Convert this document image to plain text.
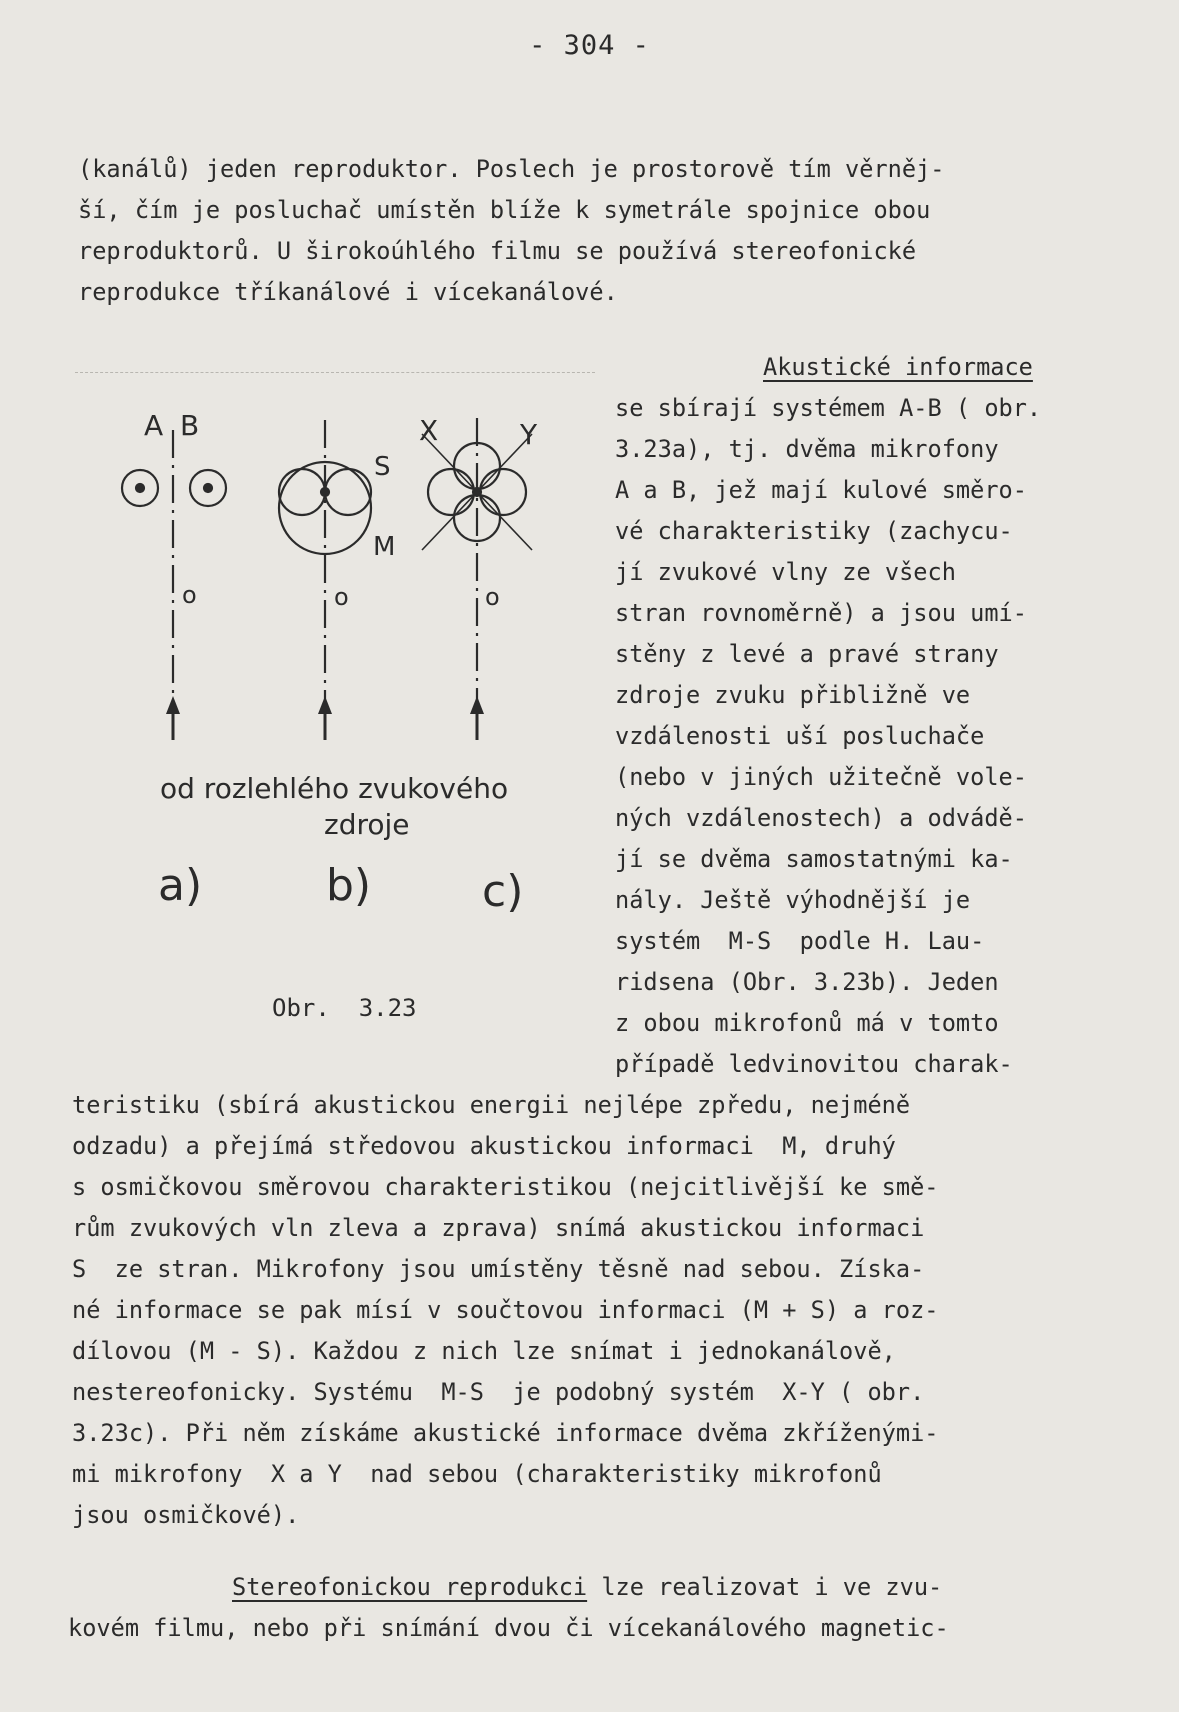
- 304 -
(kanálů) jeden reproduktor. Poslech je prostorově tím věrněj-
ší, čím je posluchač umístěn blíže k symetrále spojnice obou
reproduktorů. U širokoúhlého filmu se používá stereofonické
reprodukce tříkanálové i vícekanálové.
Akustické informace
se sbírají systémem A-B ( obr.
3.23a), tj. dvěma mikrofony
A a B, jež mají kulové směro-
vé charakteristiky (zachycu-
jí zvukové vlny ze všech
stran rovnoměrně) a jsou umí-
stěny z levé a pravé strany
zdroje zvuku přibližně ve
vzdálenosti uší posluchače
(nebo v jiných užitečně vole-
ných vzdálenostech) a odvádě-
jí se dvěma samostatnými ka-
nály. Ještě výhodnější je
systém  M-S  podle H. Lau-
ridsena (Obr. 3.23b). Jeden
z obou mikrofonů má v tomto
případě ledvinovitou charak-
A B
S
M
X	Y
o	o	o
od rozlehlého zvukového
zdroje
a)	b)	c)
Obr.  3.23
teristiku (sbírá akustickou energii nejlépe zpředu, nejméně
odzadu) a přejímá středovou akustickou informaci  M, druhý
s osmičkovou směrovou charakteristikou (nejcitlivější ke smě-
rům zvukových vln zleva a zprava) snímá akustickou informaci
S  ze stran. Mikrofony jsou umístěny těsně nad sebou. Získa-
né informace se pak mísí v součtovou informaci (M + S) a roz-
dílovou (M - S). Každou z nich lze snímat i jednokanálově,
nestereofonicky. Systému  M-S  je podobný systém  X-Y ( obr.
3.23c). Při něm získáme akustické informace dvěma zkříženými-
mi mikrofony  X a Y  nad sebou (charakteristiky mikrofonů
jsou osmičkové).
Stereofonickou reprodukci lze realizovat i ve zvu-
kovém filmu, nebo při snímání dvou či vícekanálového magnetic-
